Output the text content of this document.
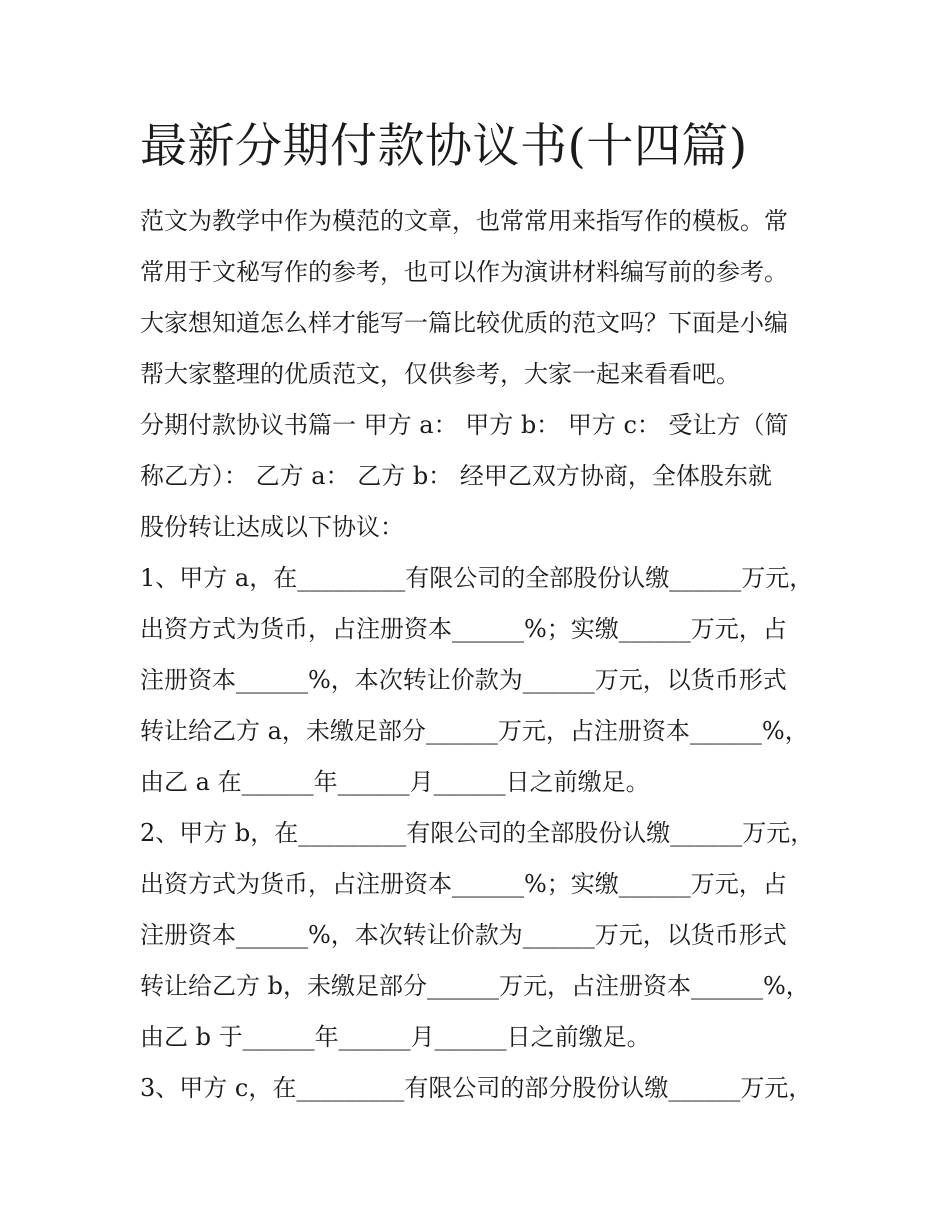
最新分期付款协议书(十四篇)
范文为教学中作为模范的文章，也常常用来指写作的模板。常
常用于文秘写作的参考，也可以作为演讲材料编写前的参考。
大家想知道怎么样才能写一篇比较优质的范文吗？下面是小编
帮大家整理的优质范文，仅供参考，大家一起来看看吧。
分期付款协议书篇一 甲方 a： 甲方 b： 甲方 c： 受让方（简
称乙方）： 乙方 a： 乙方 b： 经甲乙双方协商，全体股东就
股份转让达成以下协议：
1、甲方 a，在_________有限公司的全部股份认缴______万元，
出资方式为货币，占注册资本______%；实缴______万元，占
注册资本______%，本次转让价款为______万元，以货币形式
转让给乙方 a，未缴足部分______万元，占注册资本______%，
由乙 a 在______年______月______日之前缴足。
2、甲方 b，在_________有限公司的全部股份认缴______万元，
出资方式为货币，占注册资本______%；实缴______万元，占
注册资本______%，本次转让价款为______万元，以货币形式
转让给乙方 b，未缴足部分______万元，占注册资本______%，
由乙 b 于______年______月______日之前缴足。
3、甲方 c，在_________有限公司的部分股份认缴______万元，
